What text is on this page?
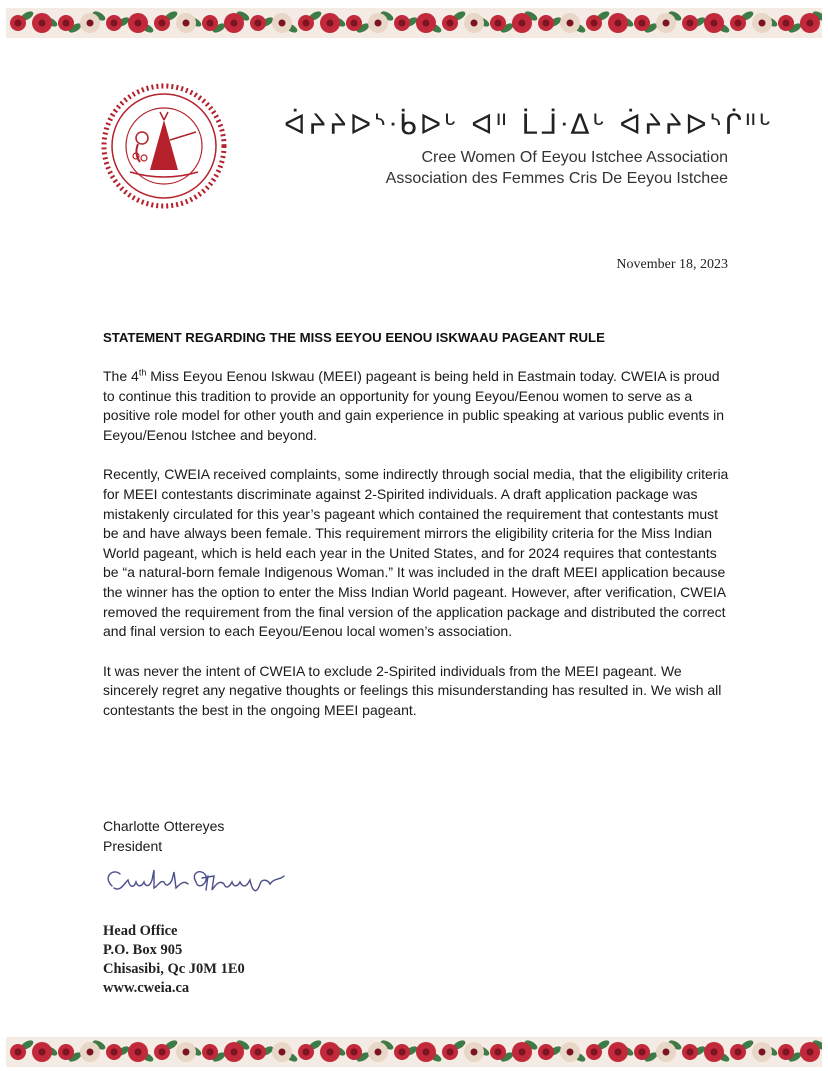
ᐋᔨᔨᐅᔅᐧᑳᐅᒡ ᐊᐦ ᒫᒨᐧᐃᒡ ᐋᔨᔨᐅᔅᒌᐦᒡ
Cree Women Of Eeyou Istchee Association
Association des Femmes Cris De Eeyou Istchee
November 18, 2023
STATEMENT REGARDING THE MISS EEYOU EENOU ISKWAAU PAGEANT RULE

The 4th Miss Eeyou Eenou Iskwau (MEEI) pageant is being held in Eastmain today. CWEIA is proud to continue this tradition to provide an opportunity for young Eeyou/Eenou women to serve as a positive role model for other youth and gain experience in public speaking at various public events in Eeyou/Eenou Istchee and beyond.

Recently, CWEIA received complaints, some indirectly through social media, that the eligibility criteria for MEEI contestants discriminate against 2-Spirited individuals. A draft application package was mistakenly circulated for this year’s pageant which contained the requirement that contestants must be and have always been female. This requirement mirrors the eligibility criteria for the Miss Indian World pageant, which is held each year in the United States, and for 2024 requires that contestants be “a natural-born female Indigenous Woman.” It was included in the draft MEEI application because the winner has the option to enter the Miss Indian World pageant. However, after verification, CWEIA removed the requirement from the final version of the application package and distributed the correct and final version to each Eeyou/Eenou local women’s association.

It was never the intent of CWEIA to exclude 2-Spirited individuals from the MEEI pageant. We sincerely regret any negative thoughts or feelings this misunderstanding has resulted in. We wish all contestants the best in the ongoing MEEI pageant.

Charlotte Ottereyes
President
Head Office
P.O. Box 905
Chisasibi, Qc J0M 1E0
www.cweia.ca
